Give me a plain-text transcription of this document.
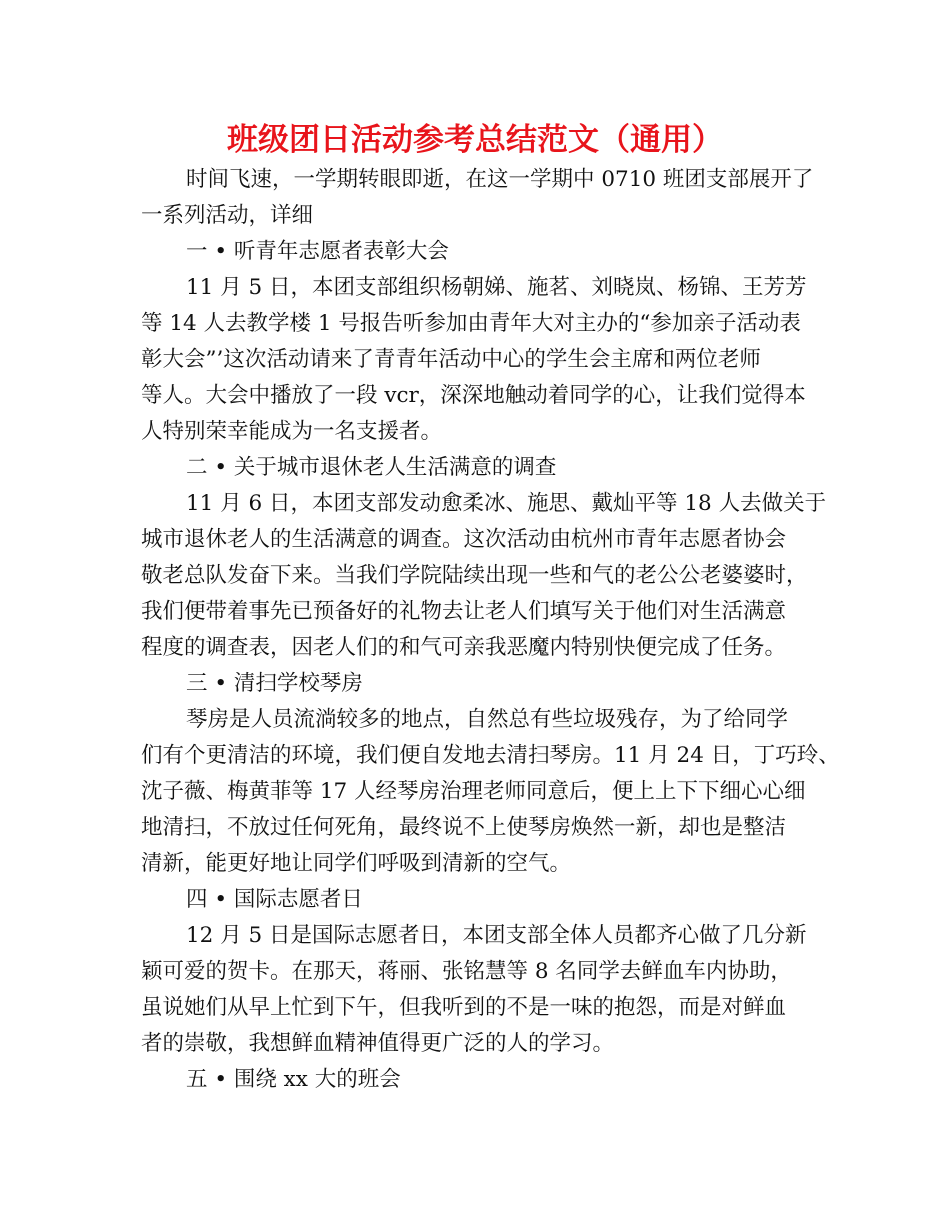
班级团日活动参考总结范文（通用）
时间飞速，一学期转眼即逝，在这一学期中 0710 班团支部展开了
一系列活动，详细
一 • 听青年志愿者表彰大会
11 月 5 日，本团支部组织杨朝娣、施茗、刘晓岚、杨锦、王芳芳
等 14 人去教学楼 1 号报告听参加由青年大对主办的“参加亲子活动表
彰大会”’这次活动请来了青青年活动中心的学生会主席和两位老师
等人。大会中播放了一段 vcr，深深地触动着同学的心，让我们觉得本
人特别荣幸能成为一名支援者。
二 • 关于城市退休老人生活满意的调查
11 月 6 日，本团支部发动愈柔冰、施思、戴灿平等 18 人去做关于
城市退休老人的生活满意的调查。这次活动由杭州市青年志愿者协会
敬老总队发奋下来。当我们学院陆续出现一些和气的老公公老婆婆时，
我们便带着事先已预备好的礼物去让老人们填写关于他们对生活满意
程度的调查表，因老人们的和气可亲我恶魔内特别快便完成了任务。
三 • 清扫学校琴房
琴房是人员流淌较多的地点，自然总有些垃圾残存，为了给同学
们有个更清洁的环境，我们便自发地去清扫琴房。11 月 24 日，丁巧玲、
沈子薇、梅黄菲等 17 人经琴房治理老师同意后，便上上下下细心心细
地清扫，不放过任何死角，最终说不上使琴房焕然一新，却也是整洁
清新，能更好地让同学们呼吸到清新的空气。
四 • 国际志愿者日
12 月 5 日是国际志愿者日，本团支部全体人员都齐心做了几分新
颖可爱的贺卡。在那天，蒋丽、张铭慧等 8 名同学去鲜血车内协助，
虽说她们从早上忙到下午，但我听到的不是一味的抱怨，而是对鲜血
者的崇敬，我想鲜血精神值得更广泛的人的学习。
五 • 围绕 xx 大的班会
